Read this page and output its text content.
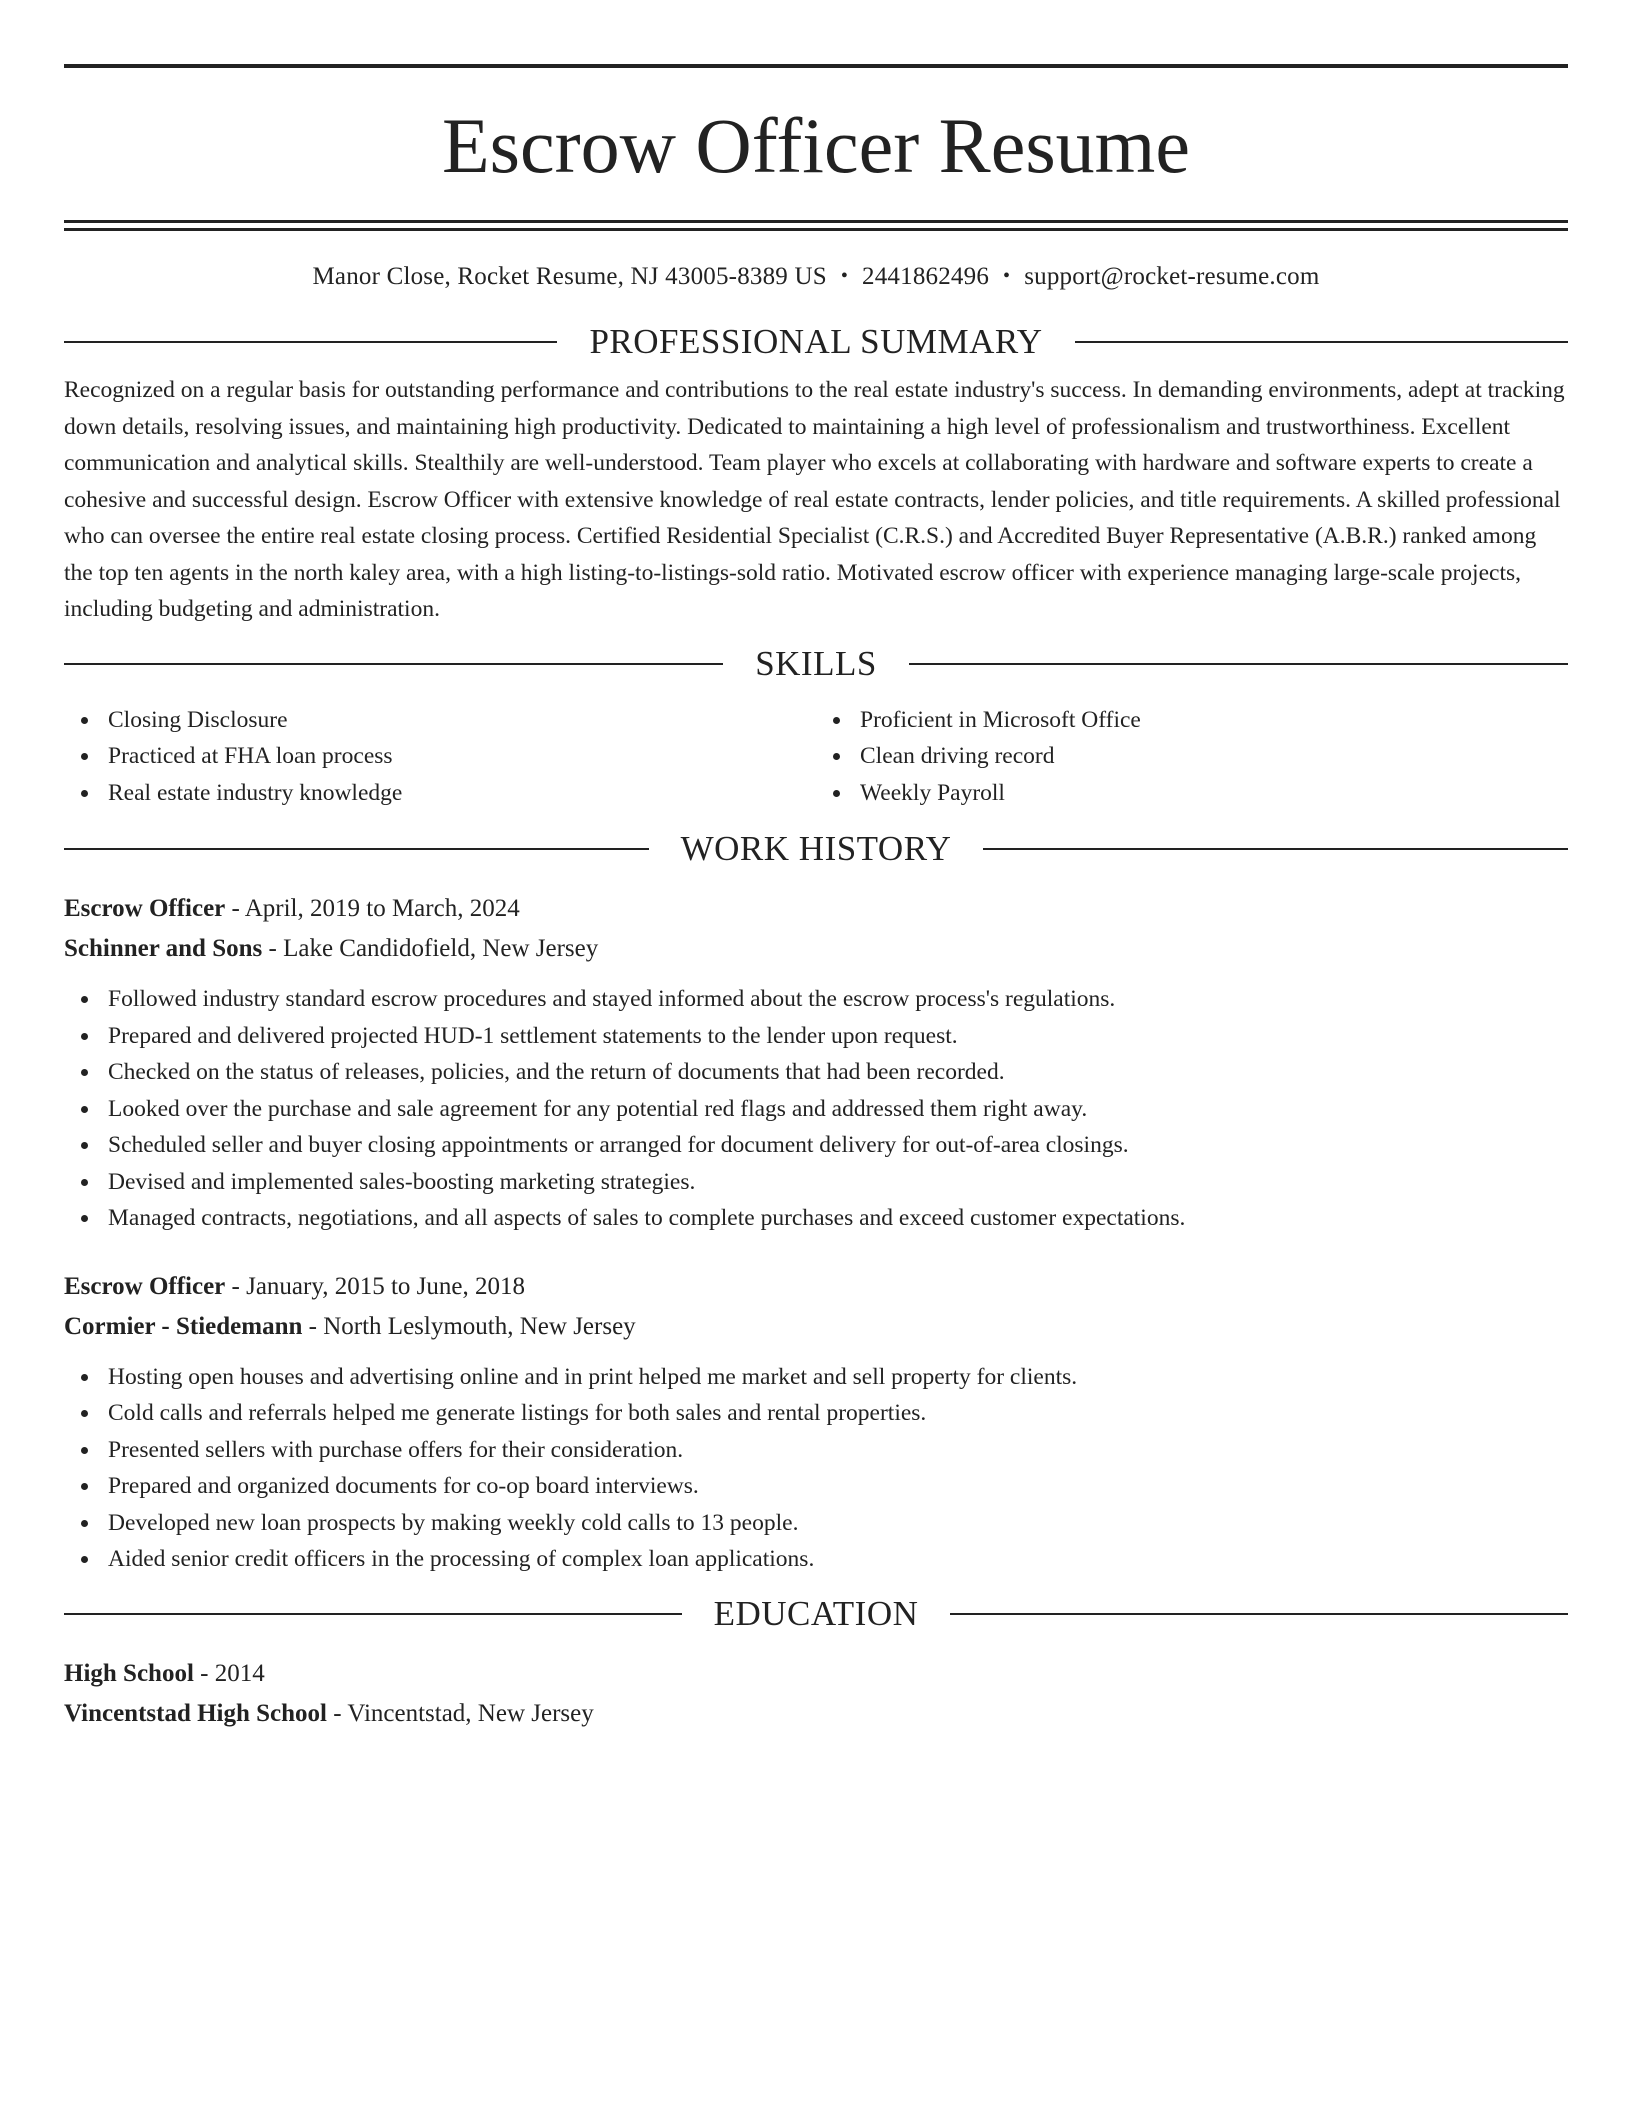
Escrow Officer Resume
Manor Close, Rocket Resume, NJ 43005-8389 US • 2441862496 • support@rocket-resume.com
PROFESSIONAL SUMMARY
Recognized on a regular basis for outstanding performance and contributions to the real estate industry's success. In demanding environments, adept at tracking down details, resolving issues, and maintaining high productivity. Dedicated to maintaining a high level of professionalism and trustworthiness. Excellent communication and analytical skills. Stealthily are well-understood. Team player who excels at collaborating with hardware and software experts to create a cohesive and successful design. Escrow Officer with extensive knowledge of real estate contracts, lender policies, and title requirements. A skilled professional who can oversee the entire real estate closing process. Certified Residential Specialist (C.R.S.) and Accredited Buyer Representative (A.B.R.) ranked among the top ten agents in the north kaley area, with a high listing-to-listings-sold ratio. Motivated escrow officer with experience managing large-scale projects, including budgeting and administration.
SKILLS
Closing Disclosure
Practiced at FHA loan process
Real estate industry knowledge
Proficient in Microsoft Office
Clean driving record
Weekly Payroll
WORK HISTORY
Escrow Officer - April, 2019 to March, 2024
Schinner and Sons - Lake Candidofield, New Jersey
Followed industry standard escrow procedures and stayed informed about the escrow process's regulations.
Prepared and delivered projected HUD-1 settlement statements to the lender upon request.
Checked on the status of releases, policies, and the return of documents that had been recorded.
Looked over the purchase and sale agreement for any potential red flags and addressed them right away.
Scheduled seller and buyer closing appointments or arranged for document delivery for out-of-area closings.
Devised and implemented sales-boosting marketing strategies.
Managed contracts, negotiations, and all aspects of sales to complete purchases and exceed customer expectations.
Escrow Officer - January, 2015 to June, 2018
Cormier - Stiedemann - North Leslymouth, New Jersey
Hosting open houses and advertising online and in print helped me market and sell property for clients.
Cold calls and referrals helped me generate listings for both sales and rental properties.
Presented sellers with purchase offers for their consideration.
Prepared and organized documents for co-op board interviews.
Developed new loan prospects by making weekly cold calls to 13 people.
Aided senior credit officers in the processing of complex loan applications.
EDUCATION
High School - 2014
Vincentstad High School - Vincentstad, New Jersey
